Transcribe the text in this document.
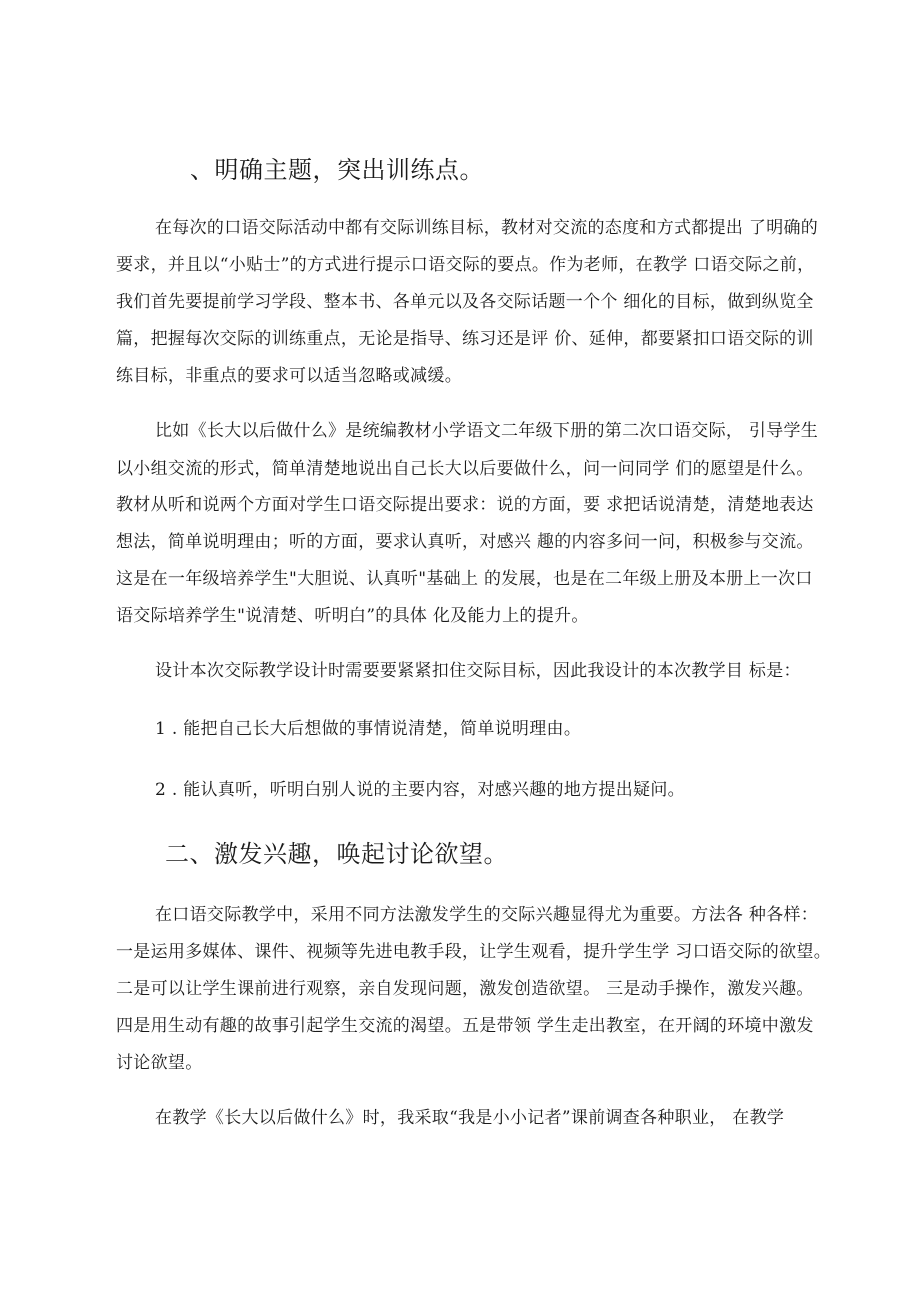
、明确主题，突出训练点。

在每次的口语交际活动中都有交际训练目标，教材对交流的态度和方式都提出 了明确的

要求，并且以“小贴士”的方式进行提示口语交际的要点。作为老师，在教学 口语交际之前，

我们首先要提前学习学段、整本书、各单元以及各交际话题一个个 细化的目标，做到纵览全

篇，把握每次交际的训练重点，无论是指导、练习还是评 价、延伸，都要紧扣口语交际的训

练目标，非重点的要求可以适当忽略或减缓。

比如《长大以后做什么》是统编教材小学语文二年级下册的第二次口语交际， 引导学生

以小组交流的形式，简单清楚地说出自己长大以后要做什么，问一问同学 们的愿望是什么。

教材从听和说两个方面对学生口语交际提出要求：说的方面，要 求把话说清楚，清楚地表达

想法，简单说明理由；听的方面，要求认真听，对感兴 趣的内容多问一问，积极参与交流。

这是在一年级培养学生"大胆说、认真听"基础上 的发展，也是在二年级上册及本册上一次口

语交际培养学生"说清楚、听明白”的具体 化及能力上的提升。

设计本次交际教学设计时需要要紧紧扣住交际目标，因此我设计的本次教学目 标是：

1 . 能把自己长大后想做的事情说清楚，简单说明理由。

2 . 能认真听，听明白别人说的主要内容，对感兴趣的地方提出疑问。

二、激发兴趣，唤起讨论欲望。

在口语交际教学中，采用不同方法激发学生的交际兴趣显得尤为重要。方法各 种各样：

一是运用多媒体、课件、视频等先进电教手段，让学生观看，提升学生学 习口语交际的欲望。

二是可以让学生课前进行观察，亲自发现问题，激发创造欲望。 三是动手操作，激发兴趣。

四是用生动有趣的故事引起学生交流的渴望。五是带领 学生走出教室，在开阔的环境中激发

讨论欲望。

在教学《长大以后做什么》时，我采取“我是小小记者”课前调查各种职业， 在教学
